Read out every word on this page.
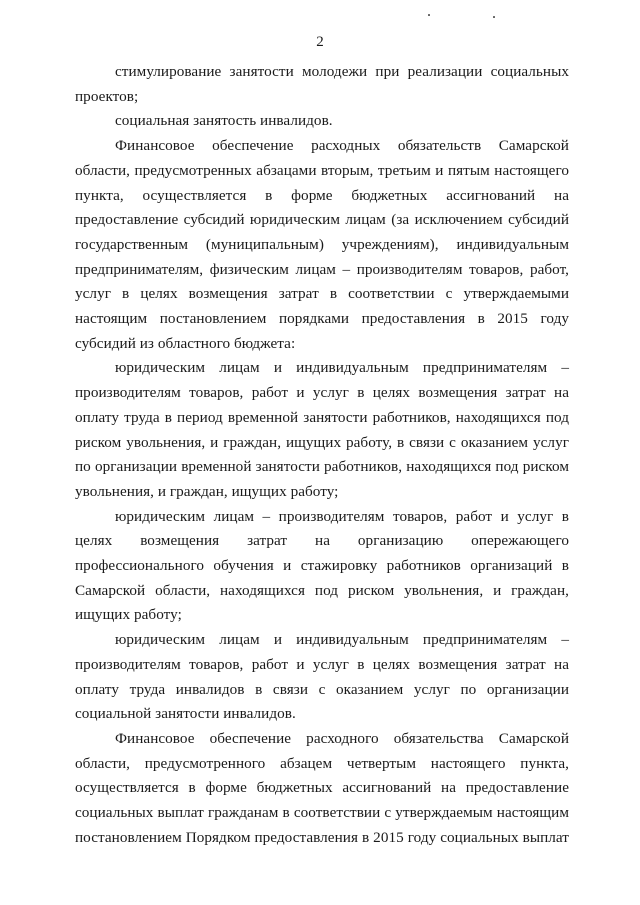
2

стимулирование занятости молодежи при реализации социальных проектов;

социальная занятость инвалидов.

Финансовое обеспечение расходных обязательств Самарской области, предусмотренных абзацами вторым, третьим и пятым настоящего пункта, осуществляется в форме бюджетных ассигнований на предоставление субсидий юридическим лицам (за исключением субсидий государственным (муниципальным) учреждениям), индивидуальным предпринимателям, физическим лицам – производителям товаров, работ, услуг в целях возмещения затрат в соответствии с утверждаемыми настоящим постановлением порядками предоставления в 2015 году субсидий из областного бюджета:

юридическим лицам и индивидуальным предпринимателям – производителям товаров, работ и услуг в целях возмещения затрат на оплату труда в период временной занятости работников, находящихся под риском увольнения, и граждан, ищущих работу, в связи с оказанием услуг по организации временной занятости работников, находящихся под риском увольнения, и граждан, ищущих работу;

юридическим лицам – производителям товаров, работ и услуг в целях возмещения затрат на организацию опережающего профессионального обучения и стажировку работников организаций в Самарской области, находящихся под риском увольнения, и граждан, ищущих работу;

юридическим лицам и индивидуальным предпринимателям – производителям товаров, работ и услуг в целях возмещения затрат на оплату труда инвалидов в связи с оказанием услуг по организации социальной занятости инвалидов.

Финансовое обеспечение расходного обязательства Самарской области, предусмотренного абзацем четвертым настоящего пункта, осуществляется в форме бюджетных ассигнований на предоставление социальных выплат гражданам в соответствии с утверждаемым настоящим постановлением Порядком предоставления в 2015 году социальных выплат
